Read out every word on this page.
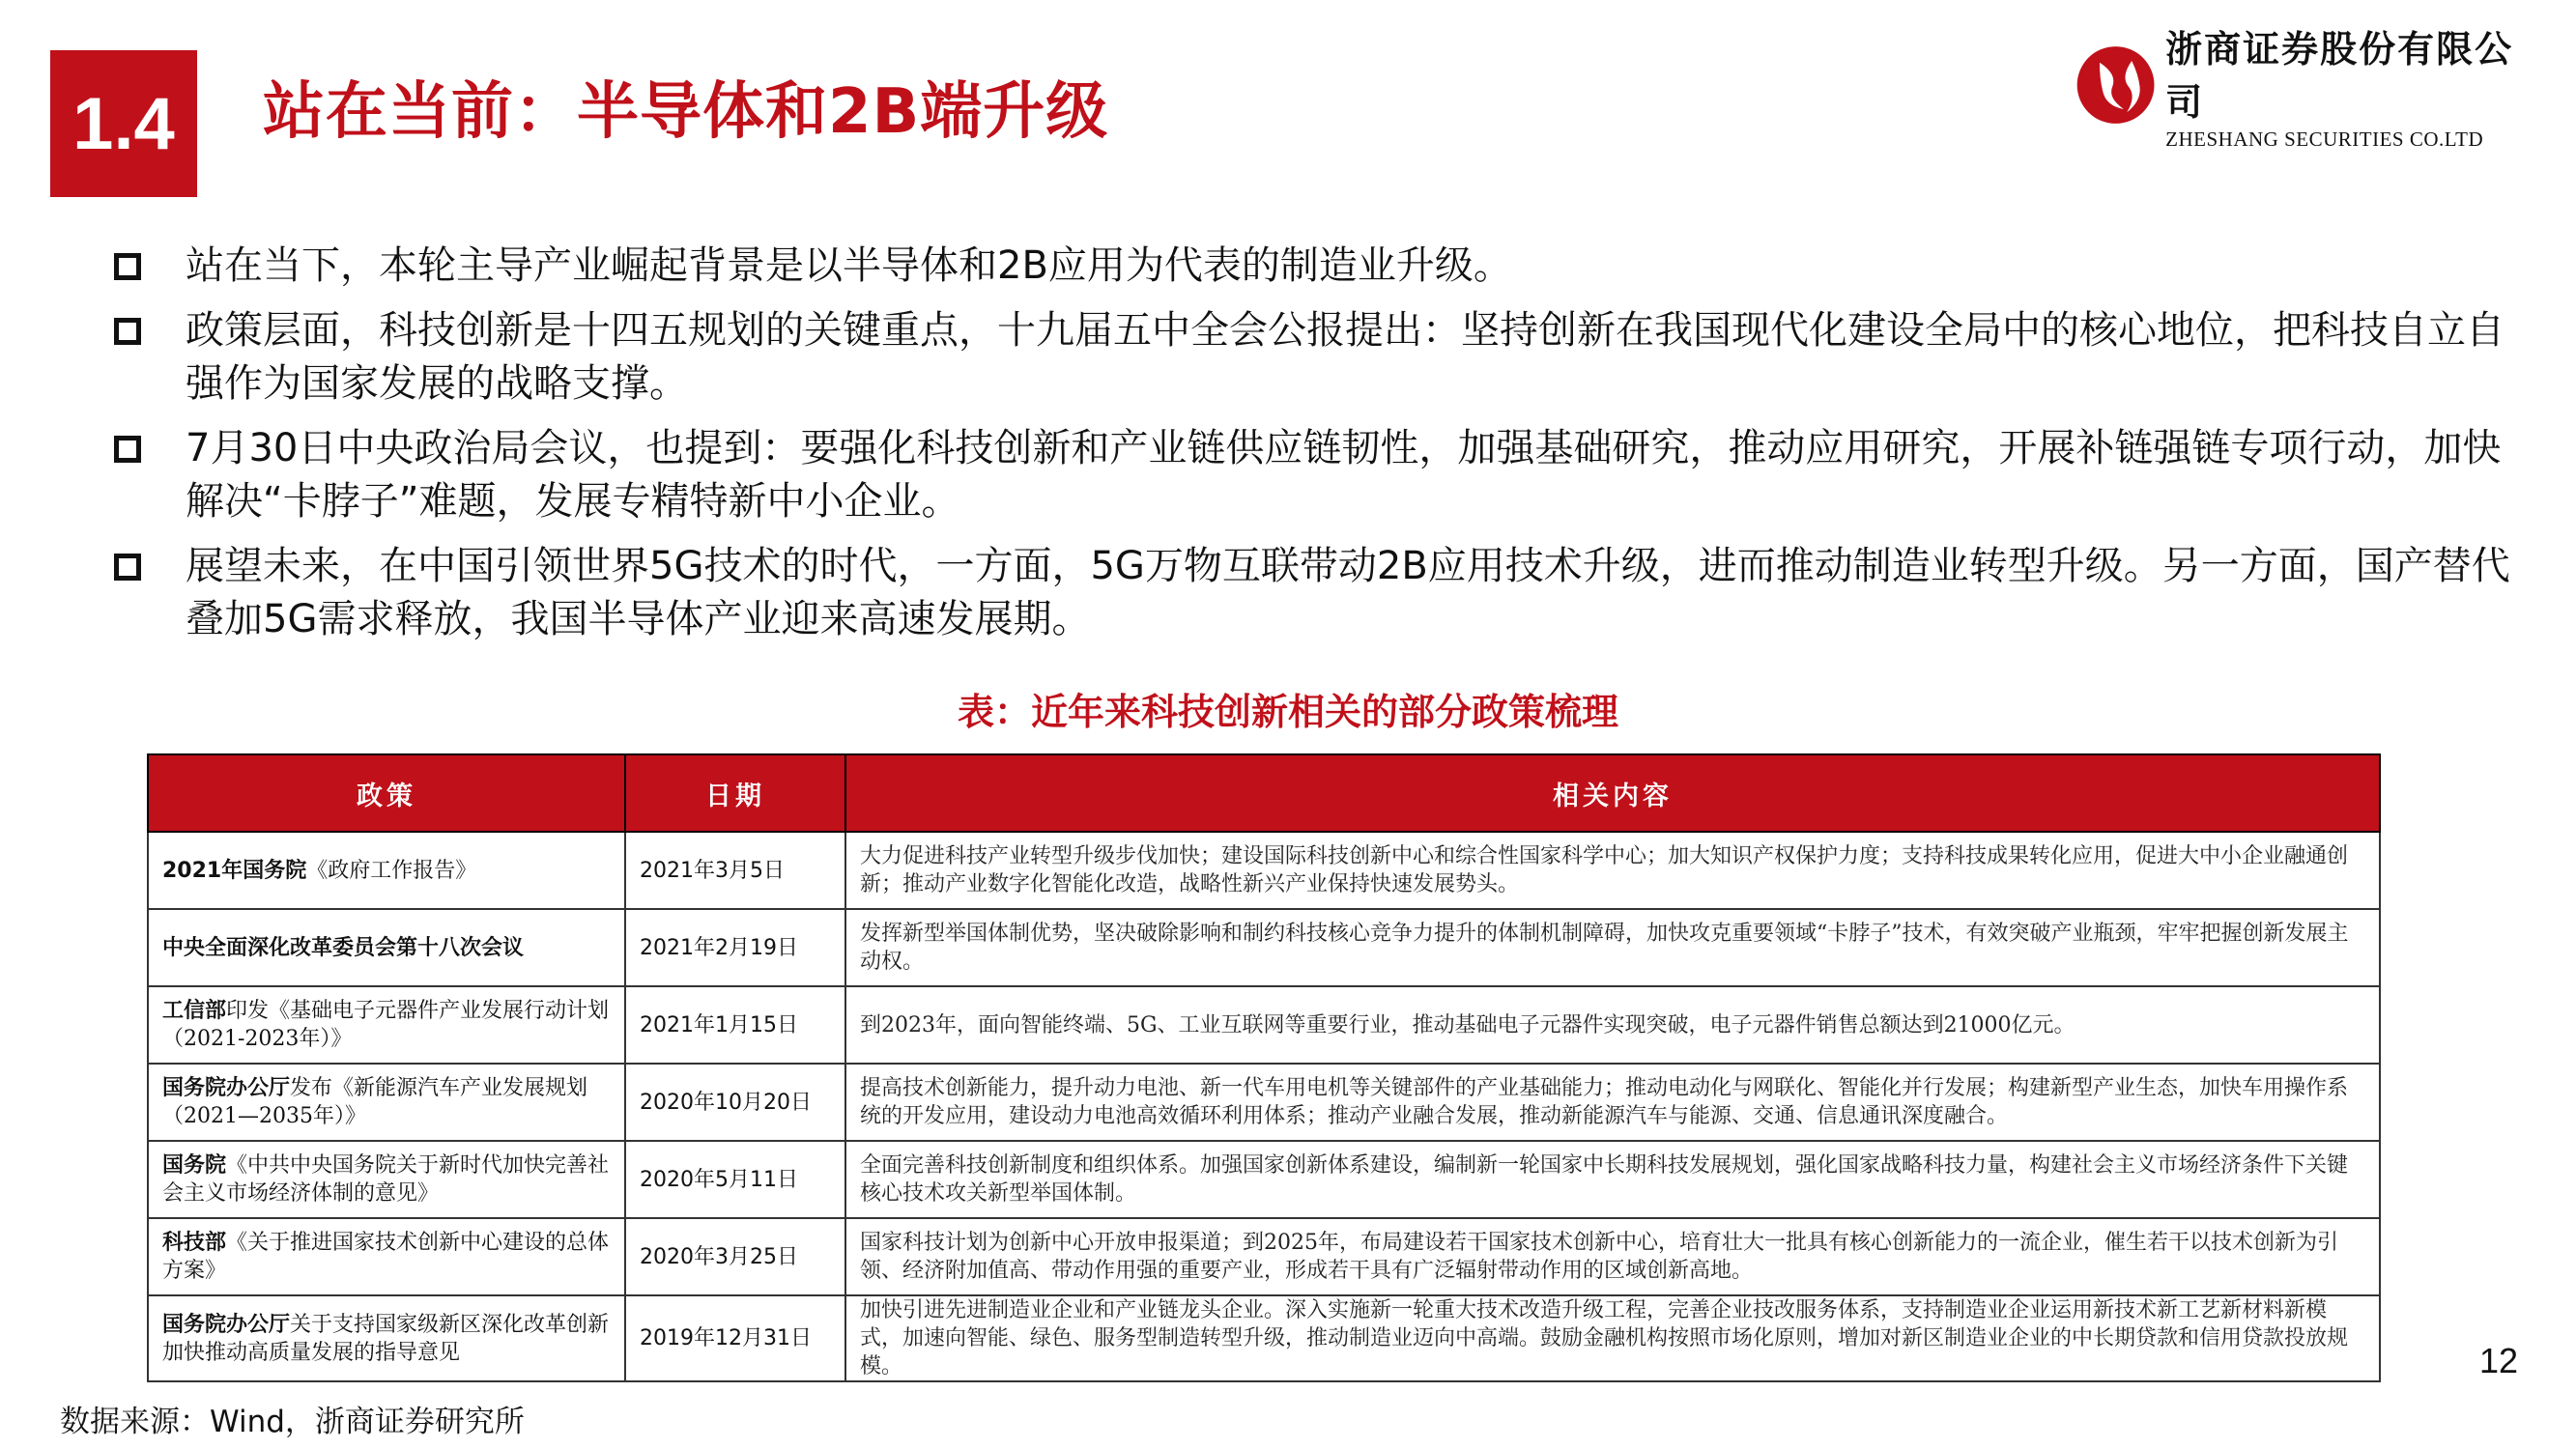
1.4	站在当前：半导体和2B端升级
浙商证券股份有限公司
ZHESHANG SECURITIES CO.LTD
站在当下，本轮主导产业崛起背景是以半导体和2B应用为代表的制造业升级。
政策层面，科技创新是十四五规划的关键重点，十九届五中全会公报提出：坚持创新在我国现代化建设全局中的核心地位，把科技自立自强作为国家发展的战略支撑。
7月30日中央政治局会议，也提到：要强化科技创新和产业链供应链韧性，加强基础研究，推动应用研究，开展补链强链专项行动，加快解决“卡脖子”难题，发展专精特新中小企业。
展望未来，在中国引领世界5G技术的时代，一方面，5G万物互联带动2B应用技术升级，进而推动制造业转型升级。另一方面，国产替代叠加5G需求释放，我国半导体产业迎来高速发展期。
表：近年来科技创新相关的部分政策梳理
政策	日期	相关内容
2021年国务院《政府工作报告》	2021年3月5日	大力促进科技产业转型升级步伐加快；建设国际科技创新中心和综合性国家科学中心；加大知识产权保护力度；支持科技成果转化应用，促进大中小企业融通创新；推动产业数字化智能化改造，战略性新兴产业保持快速发展势头。
中央全面深化改革委员会第十八次会议	2021年2月19日	发挥新型举国体制优势，坚决破除影响和制约科技核心竞争力提升的体制机制障碍，加快攻克重要领域“卡脖子”技术，有效突破产业瓶颈，牢牢把握创新发展主动权。
工信部印发《基础电子元器件产业发展行动计划（2021-2023年）》	2021年1月15日	到2023年，面向智能终端、5G、工业互联网等重要行业，推动基础电子元器件实现突破，电子元器件销售总额达到21000亿元。
国务院办公厅发布《新能源汽车产业发展规划（2021—2035年）》	2020年10月20日	提高技术创新能力，提升动力电池、新一代车用电机等关键部件的产业基础能力；推动电动化与网联化、智能化并行发展；构建新型产业生态，加快车用操作系统的开发应用，建设动力电池高效循环利用体系；推动产业融合发展，推动新能源汽车与能源、交通、信息通讯深度融合。
国务院《中共中央国务院关于新时代加快完善社会主义市场经济体制的意见》	2020年5月11日	全面完善科技创新制度和组织体系。加强国家创新体系建设，编制新一轮国家中长期科技发展规划，强化国家战略科技力量，构建社会主义市场经济条件下关键核心技术攻关新型举国体制。
科技部《关于推进国家技术创新中心建设的总体方案》	2020年3月25日	国家科技计划为创新中心开放申报渠道；到2025年，布局建设若干国家技术创新中心，培育壮大一批具有核心创新能力的一流企业，催生若干以技术创新为引领、经济附加值高、带动作用强的重要产业，形成若干具有广泛辐射带动作用的区域创新高地。
国务院办公厅关于支持国家级新区深化改革创新加快推动高质量发展的指导意见	2019年12月31日	加快引进先进制造业企业和产业链龙头企业。深入实施新一轮重大技术改造升级工程，完善企业技改服务体系，支持制造业企业运用新技术新工艺新材料新模式，加速向智能、绿色、服务型制造转型升级，推动制造业迈向中高端。鼓励金融机构按照市场化原则，增加对新区制造业企业的中长期贷款和信用贷款投放规模。	12
数据来源：Wind，浙商证券研究所
